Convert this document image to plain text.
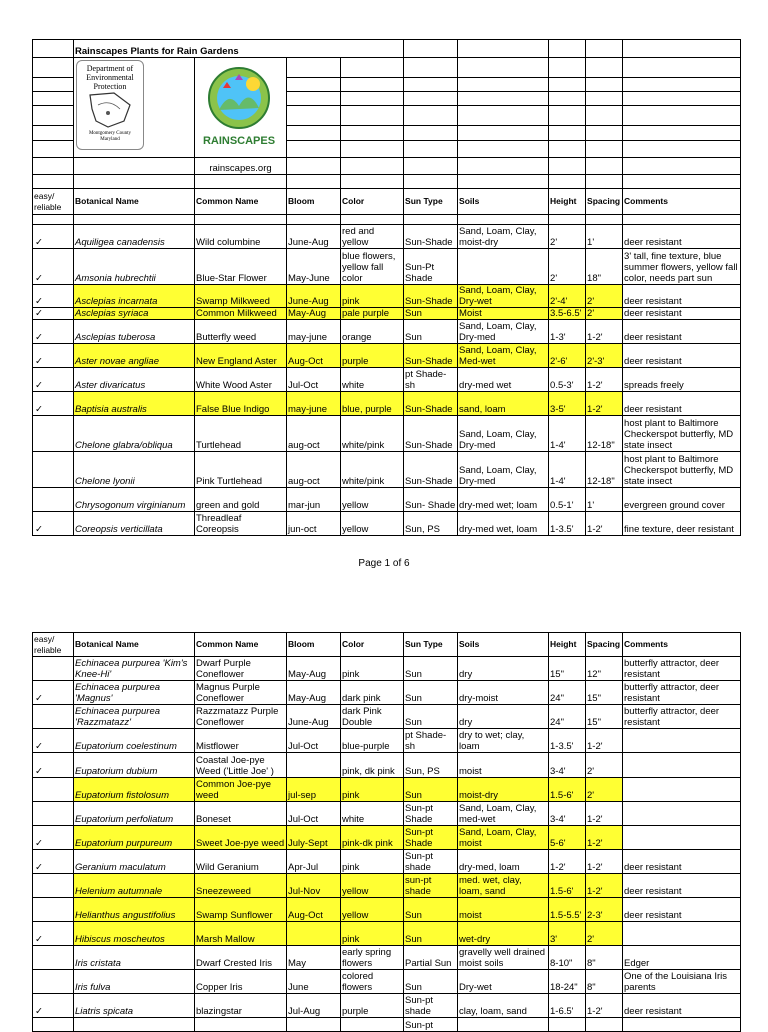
	Rainscapes Plants for Rain Gardens								

	Department of
Environmental
Protection
Montgomery County
Maryland	RAINSCAPES							

		rainscapes.org							

easy/ reliable	Botanical Name	Common Name	Bloom	Color	Sun Type	Soils	Height	Spacing	Comments

✓	Aquiligea canadensis	Wild columbine	June-Aug	red and yellow	Sun-Shade	Sand, Loam, Clay, moist-dry	2'	1'	deer resistant
✓	Amsonia hubrechtii	Blue-Star Flower	May-June	blue flowers, yellow fall color	Sun-Pt Shade		2'	18"	3' tall, fine texture, blue summer flowers, yellow fall color, needs part sun
✓	Asclepias incarnata	Swamp Milkweed	June-Aug	pink	Sun-Shade	Sand, Loam, Clay, Dry-wet	2'-4'	2'	deer resistant
✓	Asclepias syriaca	Common Milkweed	May-Aug	pale purple	Sun	Moist	3.5-6.5'	2'	deer resistant
✓	Asclepias tuberosa	Butterfly weed	may-june	orange	Sun	Sand, Loam, Clay, Dry-med	1-3'	1-2'	deer resistant
✓	Aster novae angliae	New England Aster	Aug-Oct	purple	Sun-Shade	Sand, Loam, Clay, Med-wet	2'-6'	2'-3'	deer resistant
✓	Aster divaricatus	White Wood Aster	Jul-Oct	white	pt Shade-sh	dry-med wet	0.5-3'	1-2'	spreads freely
✓	Baptisia australis	False Blue Indigo	may-june	blue, purple	Sun-Shade	sand, loam	3-5'	1-2'	deer resistant
	Chelone glabra/obliqua	Turtlehead	aug-oct	white/pink	Sun-Shade	Sand, Loam, Clay, Dry-med	1-4'	12-18"	host plant to Baltimore Checkerspot butterfly, MD state insect
	Chelone lyonii	Pink Turtlehead	aug-oct	white/pink	Sun-Shade	Sand, Loam, Clay, Dry-med	1-4'	12-18"	host plant to Baltimore Checkerspot butterfly, MD state insect
	Chrysogonum virginianum	green and gold	mar-jun	yellow	Sun- Shade	dry-med wet; loam	0.5-1'	1'	evergreen ground cover
✓	Coreopsis verticillata	Threadleaf Coreopsis	jun-oct	yellow	Sun, PS	dry-med wet, loam	1-3.5'	1-2'	fine texture, deer resistant
Page 1 of 6
easy/ reliable	Botanical Name	Common Name	Bloom	Color	Sun Type	Soils	Height	Spacing	Comments
	Echinacea purpurea 'Kim's Knee-Hi'	Dwarf Purple Coneflower	May-Aug	pink	Sun	dry	15"	12"	butterfly attractor, deer resistant
✓	Echinacea purpurea 'Magnus'	Magnus Purple Coneflower	May-Aug	dark pink	Sun	dry-moist	24"	15"	butterfly attractor, deer resistant
	Echinacea purpurea 'Razzmatazz'	Razzmatazz Purple Coneflower	June-Aug	dark Pink Double	Sun	dry	24"	15"	butterfly attractor, deer resistant
✓	Eupatorium coelestinum	Mistflower	Jul-Oct	blue-purple	pt Shade-sh	dry to wet; clay, loam	1-3.5'	1-2'	
✓	Eupatorium dubium	Coastal Joe-pye Weed ('Little Joe' )		pink, dk pink	Sun, PS	moist	3-4'	2'	
	Eupatorium fistolosum	Common Joe-pye weed	jul-sep	pink	Sun	moist-dry	1.5-6'	2'	
	Eupatorium perfoliatum	Boneset	Jul-Oct	white	Sun-pt Shade	Sand, Loam, Clay, med-wet	3-4'	1-2'	
✓	Eupatorium purpureum	Sweet Joe-pye weed	July-Sept	pink-dk pink	Sun-pt Shade	Sand, Loam, Clay, moist	5-6'	1-2'	
✓	Geranium maculatum	Wild Geranium	Apr-Jul	pink	Sun-pt shade	dry-med, loam	1-2'	1-2'	deer resistant
	Helenium autumnale	Sneezeweed	Jul-Nov	yellow	sun-pt shade	med. wet, clay, loam, sand	1.5-6'	1-2'	deer resistant
	Helianthus angustifolius	Swamp Sunflower	Aug-Oct	yellow	Sun	moist	1.5-5.5'	2-3'	deer resistant
✓	Hibiscus moscheutos	Marsh Mallow		pink	Sun	wet-dry	3'	2'	
	Iris cristata	Dwarf Crested Iris	May	early spring flowers	Partial Sun	gravelly well drained moist soils	8-10"	8"	Edger
	Iris fulva	Copper Iris	June	colored flowers	Sun	Dry-wet	18-24"	8"	One of the Louisiana Iris parents
✓	Liatris spicata	blazingstar	Jul-Aug	purple	Sun-pt shade	clay, loam, sand	1-6.5'	1-2'	deer resistant
					Sun-pt				
